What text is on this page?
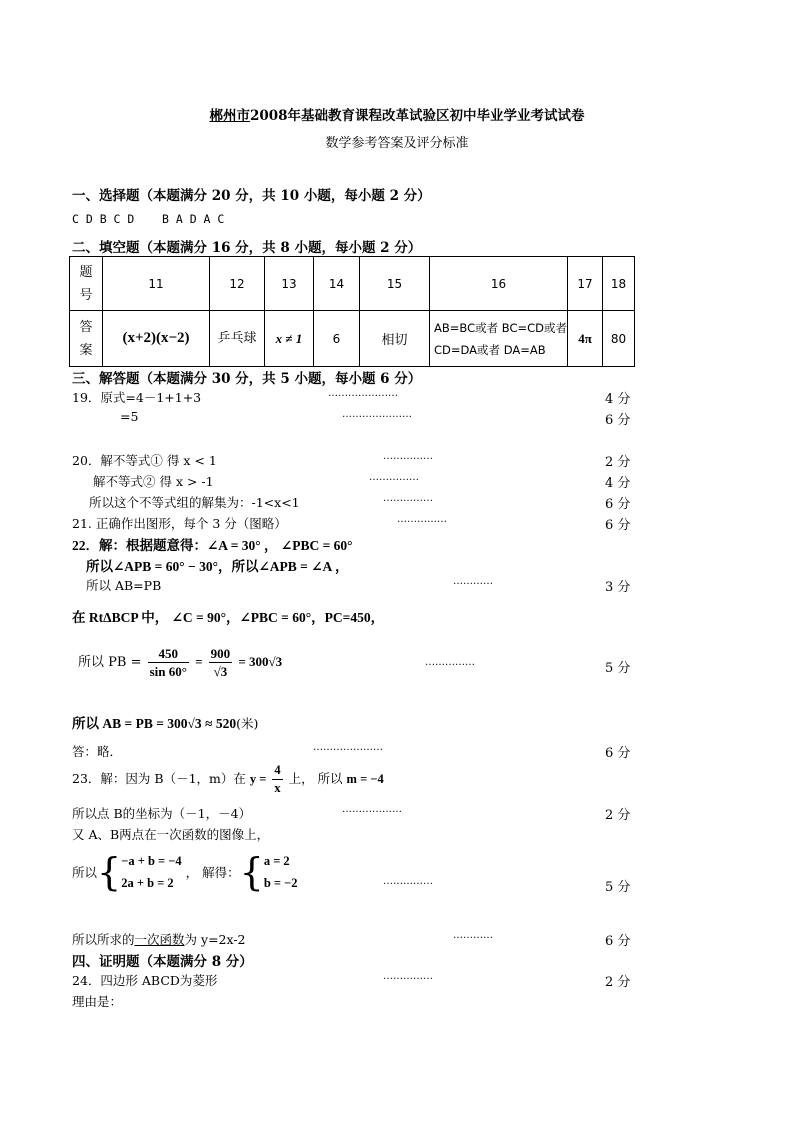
郴州市2008年基础教育课程改革试验区初中毕业学业考试试卷
数学参考答案及评分标准
一、选择题（本题满分 20 分，共 10 小题，每小题 2 分）
C D B C D    B A D A C
二、填空题（本题满分 16 分，共 8 小题，每小题 2 分）
题号	11	12	13	14	15	16	17	18

答案	(x+2)(x−2)	乒乓球	x ≠ 1	6	相切	AB=BC或者 BC=CD或者 CD=DA或者 DA=AB	4π	80
三、解答题（本题满分 30 分，共 5 小题，每小题 6 分）
19．原式=4－1+1+3	…………………	4 分
=5	…………………	6 分
20．解不等式① 得 x < 1	……………	2 分
解不等式② 得 x > -1	……………	4 分
所以这个不等式组的解集为：-1<x<1	……………	6 分
21. 正确作出图形，每个 3 分（图略）	……………	6 分
22．解：根据题意得：∠A = 30° ， ∠PBC = 60°
所以∠APB = 60° − 30°，所以∠APB = ∠A ，
所以 AB=PB	…………	3 分
在 RtΔBCP 中， ∠C = 90°，∠PBC = 60°，PC=450，
所以 PB = $\frac{450}{\sin 60^\circ} = \frac{900}{√3} = 300√3$	……………	5 分
所以 AB = PB = 300√3 ≈ 520(米)
答：略．	…………………	6 分
23．解：因为 B（－1，m）在 $y = \frac{4}{x}$ 上， 所以 m = −4
所以点 B的坐标为（－1，－4）	………………	2 分
又 A、B两点在一次函数的图像上，
所以{ −a + b = −4
2a + b = 2
， 解得：{ a = 2
b = −2	……………	5 分
所以所求的一次函数为 y=2x-2	…………	6 分
四、证明题（本题满分 8 分）
24．四边形 ABCD为菱形	……………	2 分
理由是：
